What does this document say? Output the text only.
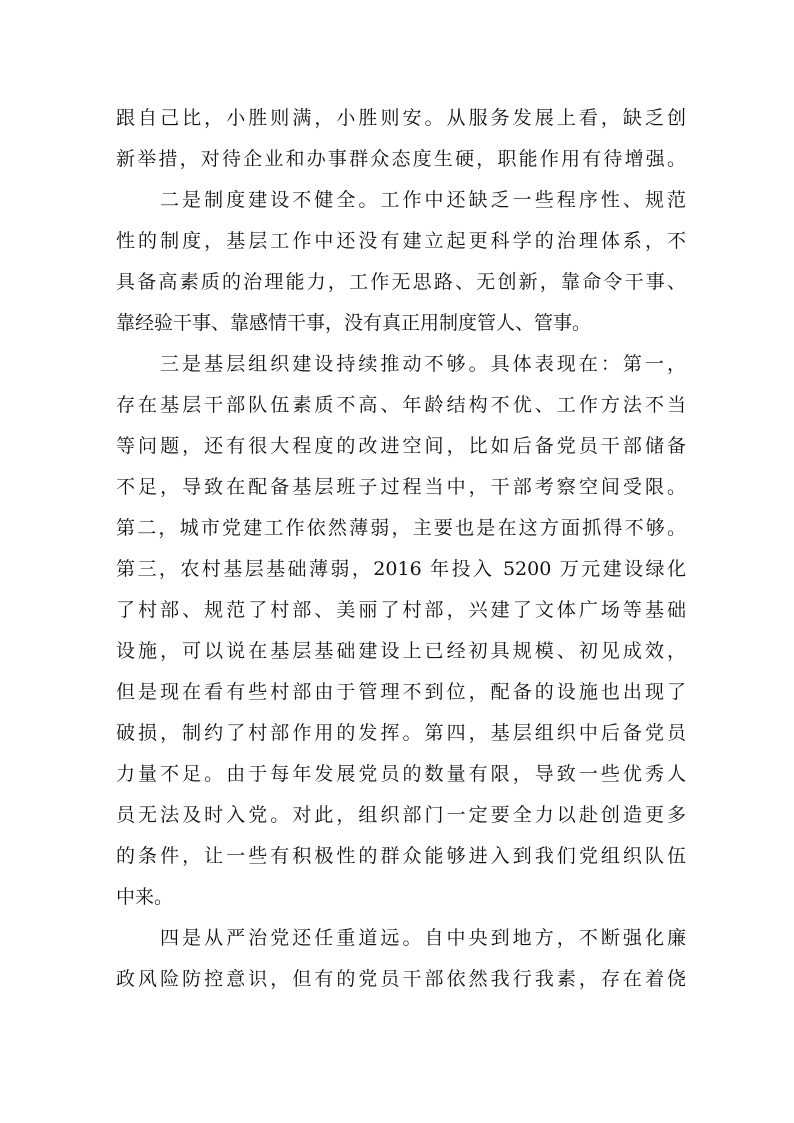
跟自己比，小胜则满，小胜则安。从服务发展上看，缺乏创
新举措，对待企业和办事群众态度生硬，职能作用有待增强。
二是制度建设不健全。工作中还缺乏一些程序性、规范
性的制度，基层工作中还没有建立起更科学的治理体系，不
具备高素质的治理能力，工作无思路、无创新，靠命令干事、
靠经验干事、靠感情干事，没有真正用制度管人、管事。
三是基层组织建设持续推动不够。具体表现在：第一，
存在基层干部队伍素质不高、年龄结构不优、工作方法不当
等问题，还有很大程度的改进空间，比如后备党员干部储备
不足，导致在配备基层班子过程当中，干部考察空间受限。
第二，城市党建工作依然薄弱，主要也是在这方面抓得不够。
第三，农村基层基础薄弱，2016 年投入 5200 万元建设绿化
了村部、规范了村部、美丽了村部，兴建了文体广场等基础
设施，可以说在基层基础建设上已经初具规模、初见成效，
但是现在看有些村部由于管理不到位，配备的设施也出现了
破损，制约了村部作用的发挥。第四，基层组织中后备党员
力量不足。由于每年发展党员的数量有限，导致一些优秀人
员无法及时入党。对此，组织部门一定要全力以赴创造更多
的条件，让一些有积极性的群众能够进入到我们党组织队伍
中来。
四是从严治党还任重道远。自中央到地方，不断强化廉
政风险防控意识，但有的党员干部依然我行我素，存在着侥
